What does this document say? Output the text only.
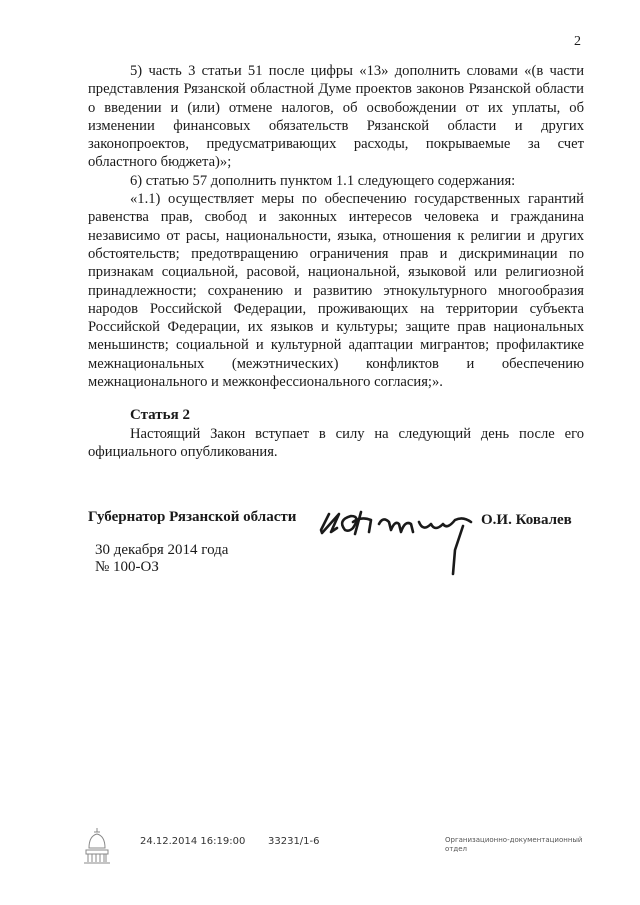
2

5) часть 3 статьи 51 после цифры «13» дополнить словами «(в части представления Рязанской областной Думе проектов законов Рязанской области о введении и (или) отмене налогов, об освобождении от их уплаты, об изменении финансовых обязательств Рязанской области и других законопроектов, предусматривающих расходы, покрываемые за счет областного бюджета)»;

6) статью 57 дополнить пунктом 1.1 следующего содержания:

«1.1) осуществляет меры по обеспечению государственных гарантий равенства прав, свобод и законных интересов человека и гражданина независимо от расы, национальности, языка, отношения к религии и других обстоятельств; предотвращению ограничения прав и дискриминации по признакам социальной, расовой, национальной, языковой или религиозной принадлежности; сохранению и развитию этнокультурного многообразия народов Российской Федерации, проживающих на территории субъекта Российской Федерации, их языков и культуры; защите прав национальных меньшинств; социальной и культурной адаптации мигрантов; профилактике межнациональных (межэтнических) конфликтов и обеспечению межнационального и межконфессионального согласия;».

Статья 2

Настоящий Закон вступает в силу на следующий день после его официального опубликования.

Губернатор Рязанской области	О.И. Ковалев
30 декабря 2014 года
№ 100-ОЗ
24.12.2014 16:19:00 33231/1-6	Организационно-документационный отдел
